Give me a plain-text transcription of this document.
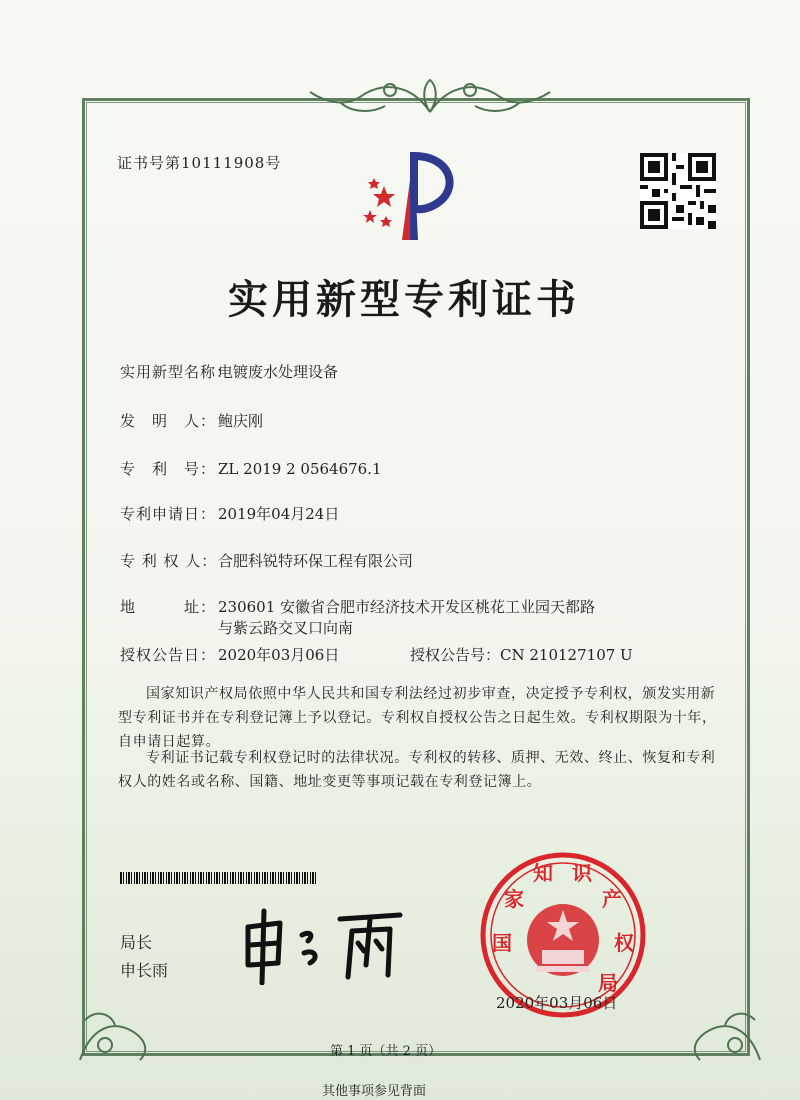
证书号第10111908号
实用新型专利证书
实用新型名称：电镀废水处理设备
发　明　人： 鲍庆刚
专　利　号： ZL 2019 2 0564676.1
专利申请日： 2019年04月24日
专 利 权 人：合肥科锐特环保工程有限公司
地　　　址： 230601 安徽省合肥市经济技术开发区桃花工业园天都路
与紫云路交叉口向南
授权公告日： 2020年03月06日	授权公告号：CN 210127107 U
国家知识产权局依照中华人民共和国专利法经过初步审查，决定授予专利权，颁发实用新型专利证书并在专利登记簿上予以登记。专利权自授权公告之日起生效。专利权期限为十年，自申请日起算。
专利证书记载专利权登记时的法律状况。专利权的转移、质押、无效、终止、恢复和专利权人的姓名或名称、国籍、地址变更等事项记载在专利登记簿上。
局长
申长雨
国
家
知 识
产
权
局
2020年03月06日
第 1 页（共 2 页）
其他事项参见背面
